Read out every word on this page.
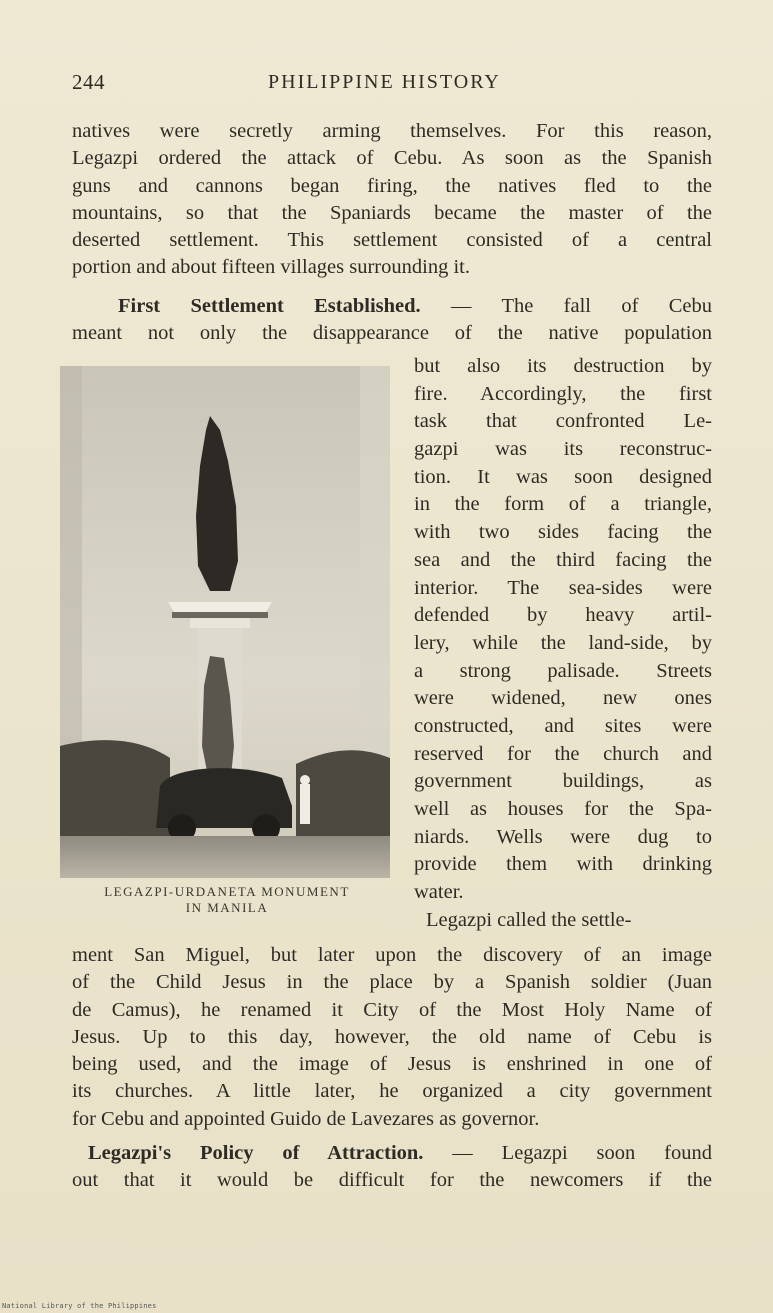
244	PHILIPPINE HISTORY
natives were secretly arming themselves. For this reason,
Legazpi ordered the attack of Cebu. As soon as the Spanish
guns and cannons began firing, the natives fled to the
mountains, so that the Spaniards became the master of the
deserted settlement. This settlement consisted of a central
portion and about fifteen villages surrounding it.
First Settlement Established. — The fall of Cebu
meant not only the disappearance of the native population
LEGAZPI-URDANETA MONUMENT
IN MANILA
but also its destruction by
fire. Accordingly, the first
task that confronted Le-
gazpi was its reconstruc-
tion. It was soon designed
in the form of a triangle,
with two sides facing the
sea and the third facing the
interior. The sea-sides were
defended by heavy artil-
lery, while the land-side, by
a strong palisade. Streets
were widened, new ones
constructed, and sites were
reserved for the church and
government buildings, as
well as houses for the Spa-
niards. Wells were dug to
provide them with drinking
water.
Legazpi called the settle-
ment San Miguel, but later upon the discovery of an image
of the Child Jesus in the place by a Spanish soldier (Juan
de Camus), he renamed it City of the Most Holy Name of
Jesus. Up to this day, however, the old name of Cebu is
being used, and the image of Jesus is enshrined in one of
its churches. A little later, he organized a city government
for Cebu and appointed Guido de Lavezares as governor.
Legazpi's Policy of Attraction. — Legazpi soon found
out that it would be difficult for the newcomers if the
National Library of the Philippines
